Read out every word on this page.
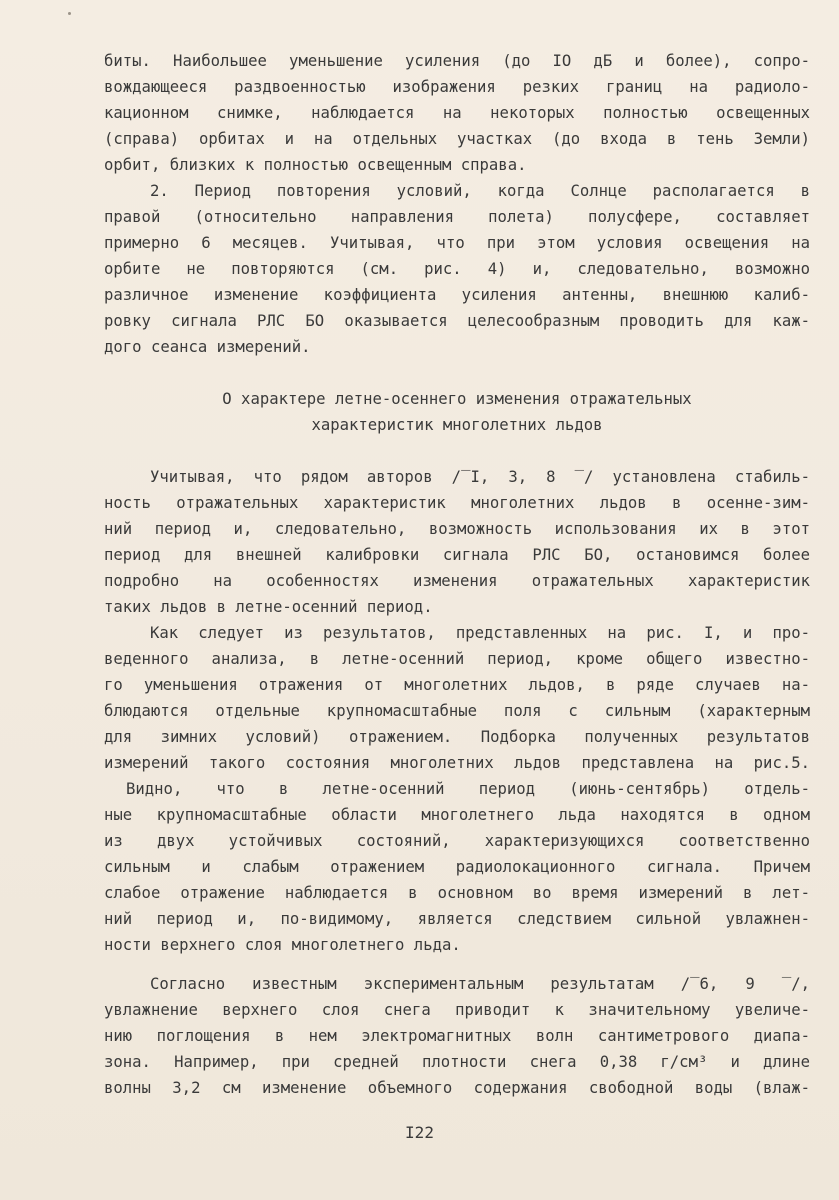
биты. Наибольшее уменьшение усиления (до IO дБ и более), сопро-
вождающееся раздвоенностью изображения резких границ на радиоло-
кационном снимке, наблюдается на некоторых полностью освещенных
(справа) орбитах и на отдельных участках (до входа в тень Земли)
орбит, близких к полностью освещенным справа.
2. Период повторения условий, когда Солнце располагается в
правой (относительно направления полета) полусфере, составляет
примерно 6 месяцев. Учитывая, что при этом условия освещения на
орбите не повторяются (см. рис. 4) и, следовательно, возможно
различное изменение коэффициента усиления антенны, внешнюю калиб-
ровку сигнала РЛС БО оказывается целесообразным проводить для каж-
дого сеанса измерений.
О характере летне-осеннего изменения отражательных
характеристик многолетних льдов
Учитывая, что рядом авторов /‾I, 3, 8 ‾/ установлена стабиль-
ность отражательных характеристик многолетних льдов в осенне-зим-
ний период и, следовательно, возможность использования их в этот
период для внешней калибровки сигнала РЛС БО, остановимся более
подробно на особенностях изменения отражательных характеристик
таких льдов в летне-осенний период.
Как следует из результатов, представленных на рис. I, и про-
веденного анализа, в летне-осенний период, кроме общего известно-
го уменьшения отражения от многолетних льдов, в ряде случаев на-
блюдаются отдельные крупномасштабные поля с сильным (характерным
для зимних условий) отражением. Подборка полученных результатов
измерений такого состояния многолетних льдов представлена на рис.5.
Видно, что в летне-осенний период (июнь-сентябрь) отдель-
ные крупномасштабные области многолетнего льда находятся в одном
из двух устойчивых состояний, характеризующихся соответственно
сильным и слабым отражением радиолокационного сигнала. Причем
слабое отражение наблюдается в основном во время измерений в лет-
ний период и, по-видимому, является следствием сильной увлажнен-
ности верхнего слоя многолетнего льда.
Согласно известным экспериментальным результатам /‾6, 9 ‾/,
увлажнение верхнего слоя снега приводит к значительному увеличе-
нию поглощения в нем электромагнитных волн сантиметрового диапа-
зона. Например, при средней плотности снега 0,38 г/см³ и длине
волны 3,2 см изменение объемного содержания свободной воды (влаж-
I22
